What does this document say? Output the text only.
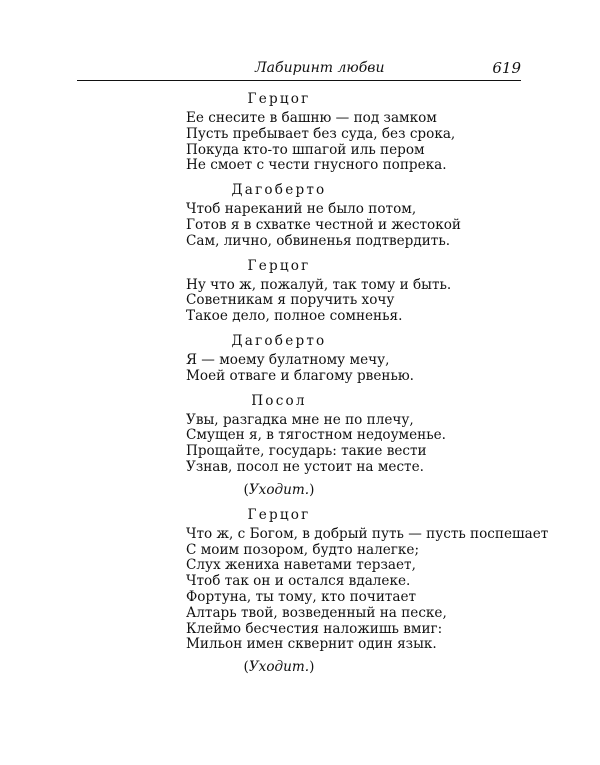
Лабиринт любви	619
Герцог
Ее снесите в башню — под замком
Пусть пребывает без суда, без срока,
Покуда кто-то шпагой иль пером
Не смоет с чести гнусного попрека.
Дагоберто
Чтоб нареканий не было потом,
Готов я в схватке честной и жестокой
Сам, лично, обвиненья подтвердить.
Герцог
Ну что ж, пожалуй, так тому и быть.
Советникам я поручить хочу
Такое дело, полное сомненья.
Дагоберто
Я — моему булатному мечу,
Моей отваге и благому рвенью.
Посол
Увы, разгадка мне не по плечу,
Смущен я, в тягостном недоуменье.
Прощайте, государь: такие вести
Узнав, посол не устоит на месте.
(Уходит.)
Герцог
Что ж, с Богом, в добрый путь — пусть поспешает
С моим позором, будто налегке;
Слух жениха наветами терзает,
Чтоб так он и остался вдалеке.
Фортуна, ты тому, кто почитает
Алтарь твой, возведенный на песке,
Клеймо бесчестия наложишь вмиг:
Мильон имен сквернит один язык.
(Уходит.)
